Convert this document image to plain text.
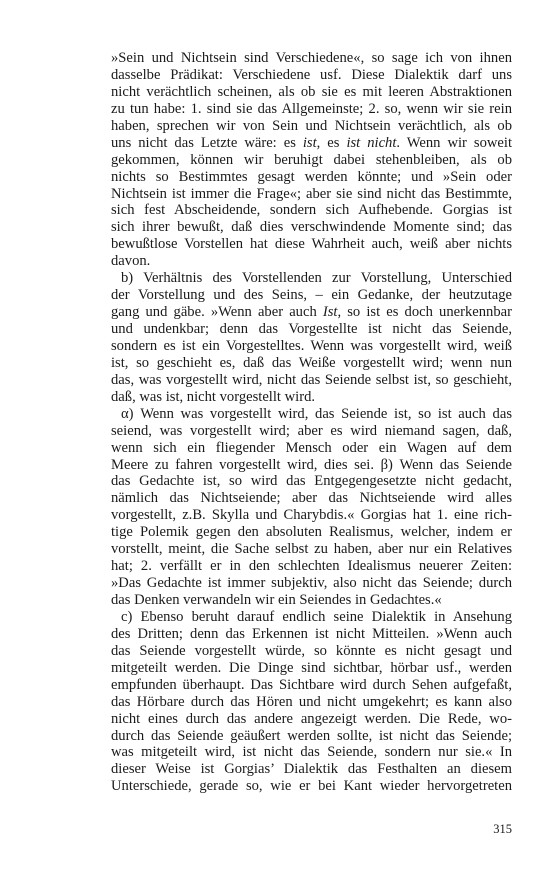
»Sein und Nichtsein sind Verschiedene«, so sage ich von ihnen
dasselbe Prädikat: Verschiedene usf. Diese Dialektik darf uns
nicht verächtlich scheinen, als ob sie es mit leeren Abstraktionen
zu tun habe: 1. sind sie das Allgemeinste; 2. so, wenn wir sie rein
haben, sprechen wir von Sein und Nichtsein verächtlich, als ob
uns nicht das Letzte wäre: es ist, es ist nicht. Wenn wir soweit
gekommen, können wir beruhigt dabei stehenbleiben, als ob
nichts so Bestimmtes gesagt werden könnte; und »Sein oder
Nichtsein ist immer die Frage«; aber sie sind nicht das Bestimmte,
sich fest Abscheidende, sondern sich Aufhebende. Gorgias ist
sich ihrer bewußt, daß dies verschwindende Momente sind; das
bewußtlose Vorstellen hat diese Wahrheit auch, weiß aber nichts
davon.
b) Verhältnis des Vorstellenden zur Vorstellung, Unterschied
der Vorstellung und des Seins, – ein Gedanke, der heutzutage
gang und gäbe. »Wenn aber auch Ist, so ist es doch unerkennbar
und undenkbar; denn das Vorgestellte ist nicht das Seiende,
sondern es ist ein Vorgestelltes. Wenn was vorgestellt wird, weiß
ist, so geschieht es, daß das Weiße vorgestellt wird; wenn nun
das, was vorgestellt wird, nicht das Seiende selbst ist, so geschieht,
daß, was ist, nicht vorgestellt wird.
α) Wenn was vorgestellt wird, das Seiende ist, so ist auch das
seiend, was vorgestellt wird; aber es wird niemand sagen, daß,
wenn sich ein fliegender Mensch oder ein Wagen auf dem
Meere zu fahren vorgestellt wird, dies sei. β) Wenn das Seiende
das Gedachte ist, so wird das Entgegengesetzte nicht gedacht,
nämlich das Nichtseiende; aber das Nichtseiende wird alles
vorgestellt, z.B. Skylla und Charybdis.« Gorgias hat 1. eine rich-
tige Polemik gegen den absoluten Realismus, welcher, indem er
vorstellt, meint, die Sache selbst zu haben, aber nur ein Relatives
hat; 2. verfällt er in den schlechten Idealismus neuerer Zeiten:
»Das Gedachte ist immer subjektiv, also nicht das Seiende; durch
das Denken verwandeln wir ein Seiendes in Gedachtes.«
c) Ebenso beruht darauf endlich seine Dialektik in Ansehung
des Dritten; denn das Erkennen ist nicht Mitteilen. »Wenn auch
das Seiende vorgestellt würde, so könnte es nicht gesagt und
mitgeteilt werden. Die Dinge sind sichtbar, hörbar usf., werden
empfunden überhaupt. Das Sichtbare wird durch Sehen aufgefaßt,
das Hörbare durch das Hören und nicht umgekehrt; es kann also
nicht eines durch das andere angezeigt werden. Die Rede, wo-
durch das Seiende geäußert werden sollte, ist nicht das Seiende;
was mitgeteilt wird, ist nicht das Seiende, sondern nur sie.« In
dieser Weise ist Gorgias’ Dialektik das Festhalten an diesem
Unterschiede, gerade so, wie er bei Kant wieder hervorgetreten
315
